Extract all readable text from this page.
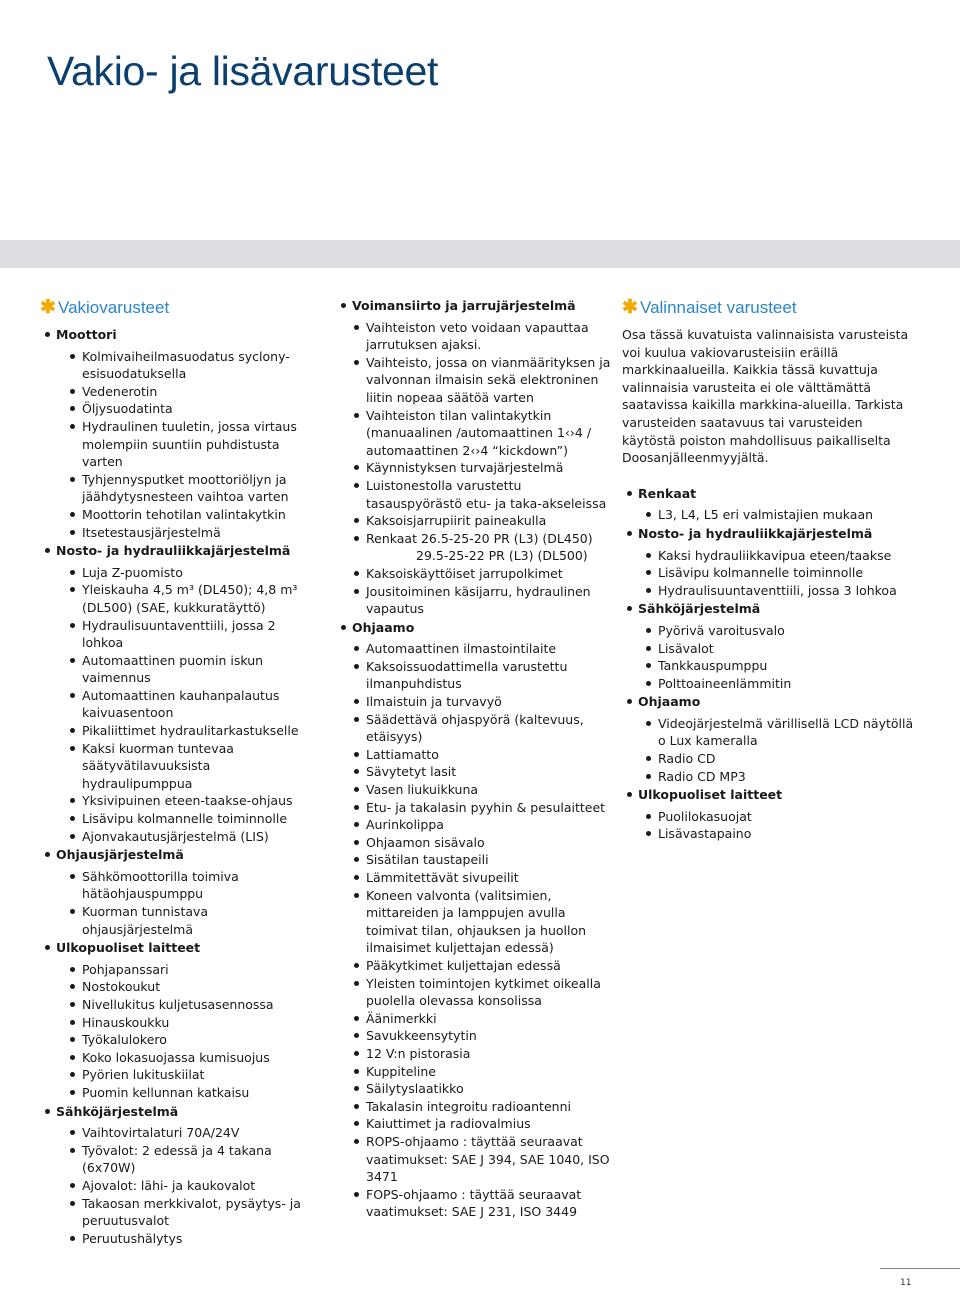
Vakio- ja lisävarusteet
✱ Vakiovarusteet
Moottori
Kolmivaiheilmasuodatus syclony-esisuodatuksella
Vedenerotin
Öljysuodatinta
Hydraulinen tuuletin, jossa virtaus molempiin suuntiin puhdistusta varten
Tyhjennysputket moottoriöljyn ja jäähdytysnesteen vaihtoa varten
Moottorin tehotilan valintakytkin
Itsetestausjärjestelmä
Nosto- ja hydrauliikkajärjestelmä
Luja Z-puomisto
Yleiskauha 4,5 m³ (DL450); 4,8 m³ (DL500) (SAE, kukkuratäyttö)
Hydraulisuuntaventtiili, jossa 2 lohkoa
Automaattinen puomin iskun vaimennus
Automaattinen kauhanpalautus kaivuasentoon
Pikaliittimet hydraulitarkastukselle
Kaksi kuorman tuntevaa säätyvätilavuuksista hydraulipumppua
Yksivipuinen eteen-taakse-ohjaus
Lisävipu kolmannelle toiminnolle
Ajonvakautusjärjestelmä (LIS)
Ohjausjärjestelmä
Sähkömoottorilla toimiva hätäohjauspumppu
Kuorman tunnistava ohjausjärjestelmä
Ulkopuoliset laitteet
Pohjapanssari
Nostokoukut
Nivellukitus kuljetusasennossa
Hinauskoukku
Työkalulokero
Koko lokasuojassa kumisuojus
Pyörien lukituskiilat
Puomin kellunnan katkaisu
Sähköjärjestelmä
Vaihtovirtalaturi 70A/24V
Työvalot: 2 edessä ja 4 takana (6x70W)
Ajovalot: lähi- ja kaukovalot
Takaosan merkkivalot, pysäytys- ja peruutusvalot
Peruutushälytys
Voimansiirto ja jarrujärjestelmä
Vaihteiston veto voidaan vapauttaa jarrutuksen ajaksi.
Vaihteisto, jossa on vianmäärityksen ja valvonnan ilmaisin sekä elektroninen liitin nopeaa säätöä varten
Vaihteiston tilan valintakytkin (manuaalinen /automaattinen 1‹›4 / automaattinen 2‹›4 “kickdown”)
Käynnistyksen turvajärjestelmä
Luistonestolla varustettu tasauspyörästö etu- ja taka-akseleissa
Kaksoisjarrupiirit paineakulla
Renkaat 26.5-25-20 PR (L3) (DL450)
29.5-25-22 PR (L3) (DL500)
Kaksoiskäyttöiset jarrupolkimet
Jousitoiminen käsijarru, hydraulinen vapautus
Ohjaamo
Automaattinen ilmastointilaite
Kaksoissuodattimella varustettu ilmanpuhdistus
Ilmaistuin ja turvavyö
Säädettävä ohjaspyörä (kaltevuus, etäisyys)
Lattiamatto
Sävytetyt lasit
Vasen liukuikkuna
Etu- ja takalasin pyyhin & pesulaitteet
Aurinkolippa
Ohjaamon sisävalo
Sisätilan taustapeili
Lämmitettävät sivupeilit
Koneen valvonta (valitsimien, mittareiden ja lamppujen avulla toimivat tilan, ohjauksen ja huollon ilmaisimet kuljettajan edessä)
Pääkytkimet kuljettajan edessä
Yleisten toimintojen kytkimet oikealla puolella olevassa konsolissa
Äänimerkki
Savukkeensytytin
12 V:n pistorasia
Kuppiteline
Säilytyslaatikko
Takalasin integroitu radioantenni
Kaiuttimet ja radiovalmius
ROPS-ohjaamo : täyttää seuraavat vaatimukset: SAE J 394, SAE 1040, ISO 3471
FOPS-ohjaamo : täyttää seuraavat vaatimukset: SAE J 231, ISO 3449
✱ Valinnaiset varusteet

Osa tässä kuvatuista valinnaisista varusteista voi kuulua vakiovarusteisiin eräillä markkinaalueilla. Kaikkia tässä kuvattuja valinnaisia varusteita ei ole välttämättä saatavissa kaikilla markkina-alueilla. Tarkista varusteiden saatavuus tai varusteiden käytöstä poiston mahdollisuus paikalliselta Doosanjälleenmyyjältä.

Renkaat
L3, L4, L5 eri valmistajien mukaan
Nosto- ja hydrauliikkajärjestelmä
Kaksi hydrauliikkavipua eteen/taakse
Lisävipu kolmannelle toiminnolle
Hydraulisuuntaventtiili, jossa 3 lohkoa
Sähköjärjestelmä
Pyörivä varoitusvalo
Lisävalot
Tankkauspumppu
Polttoaineenlämmitin
Ohjaamo
Videojärjestelmä värillisellä LCD näytöllä o Lux kameralla
Radio CD
Radio CD MP3
Ulkopuoliset laitteet
Puolilokasuojat
Lisävastapaino
11
